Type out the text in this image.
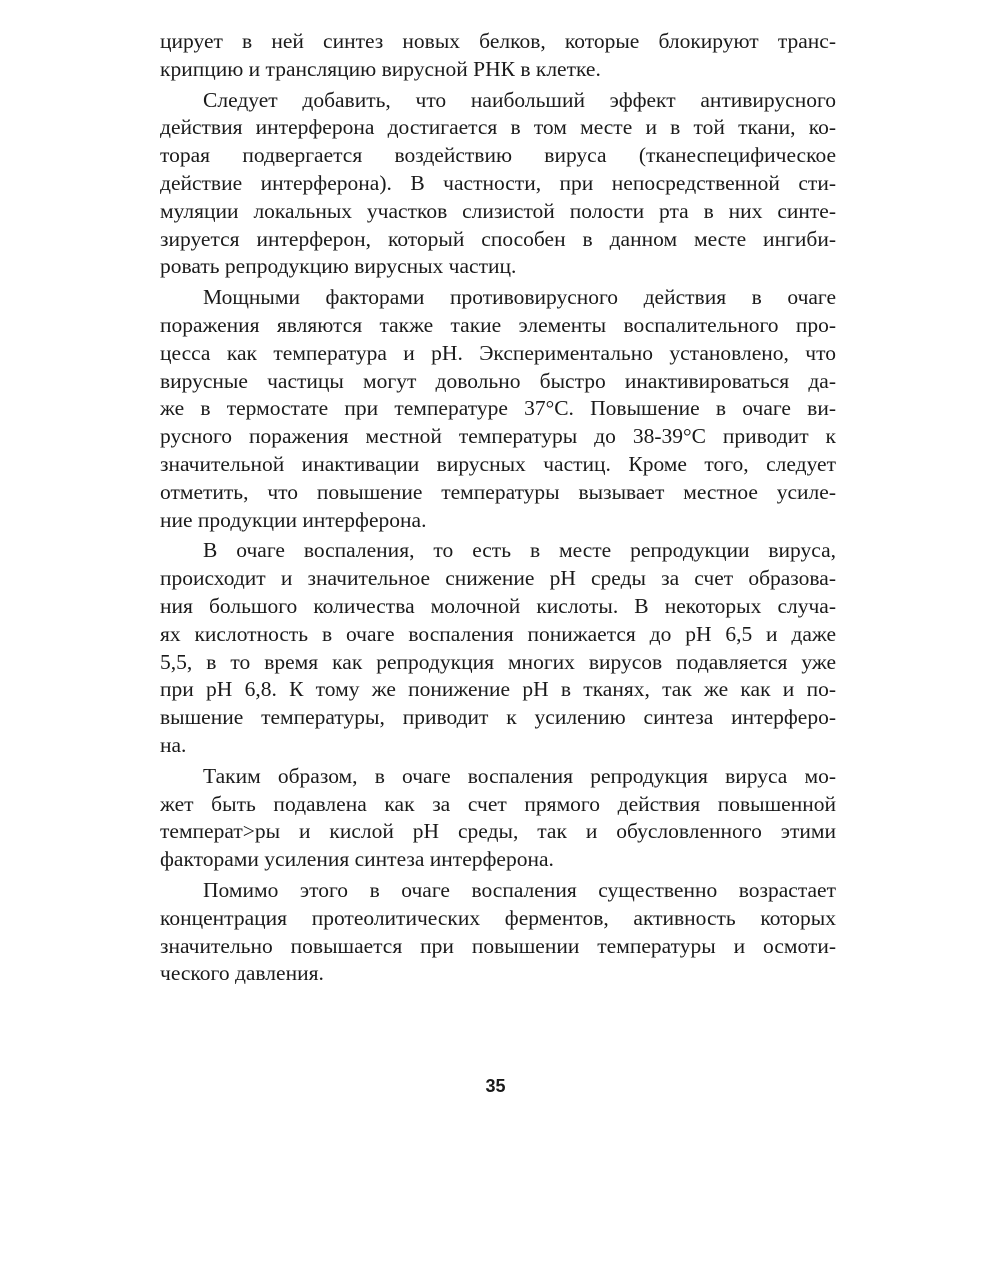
цирует в ней синтез новых белков, которые блокируют транс-
крипцию и трансляцию вирусной РНК в клетке.

Следует добавить, что наибольший эффект антивирусного
действия интерферона достигается в том месте и в той ткани, ко-
торая подвергается воздействию вируса (тканеспецифическое
действие интерферона). В частности, при непосредственной сти-
муляции локальных участков слизистой полости рта в них синте-
зируется интерферон, который способен в данном месте ингиби-
ровать репродукцию вирусных частиц.

Мощными факторами противовирусного действия в очаге
поражения являются также такие элементы воспалительного про-
цесса как температура и рН. Экспериментально установлено, что
вирусные частицы могут довольно быстро инактивироваться да-
же в термостате при температуре 37°С. Повышение в очаге ви-
русного поражения местной температуры до 38-39°С приводит к
значительной инактивации вирусных частиц. Кроме того, следует
отметить, что повышение температуры вызывает местное усиле-
ние продукции интерферона.

В очаге воспаления, то есть в месте репродукции вируса,
происходит и значительное снижение рН среды за счет образова-
ния большого количества молочной кислоты. В некоторых случа-
ях кислотность в очаге воспаления понижается до рН 6,5 и даже
5,5, в то время как репродукция многих вирусов подавляется уже
при рН 6,8. К тому же понижение рН в тканях, так же как и по-
вышение температуры, приводит к усилению синтеза интерферо-
на.

Таким образом, в очаге воспаления репродукция вируса мо-
жет быть подавлена как за счет прямого действия повышенной
температ>ры и кислой рН среды, так и обусловленного этими
факторами усиления синтеза интерферона.

Помимо этого в очаге воспаления существенно возрастает
концентрация протеолитических ферментов, активность которых
значительно повышается при повышении температуры и осмоти-
ческого давления.

35
